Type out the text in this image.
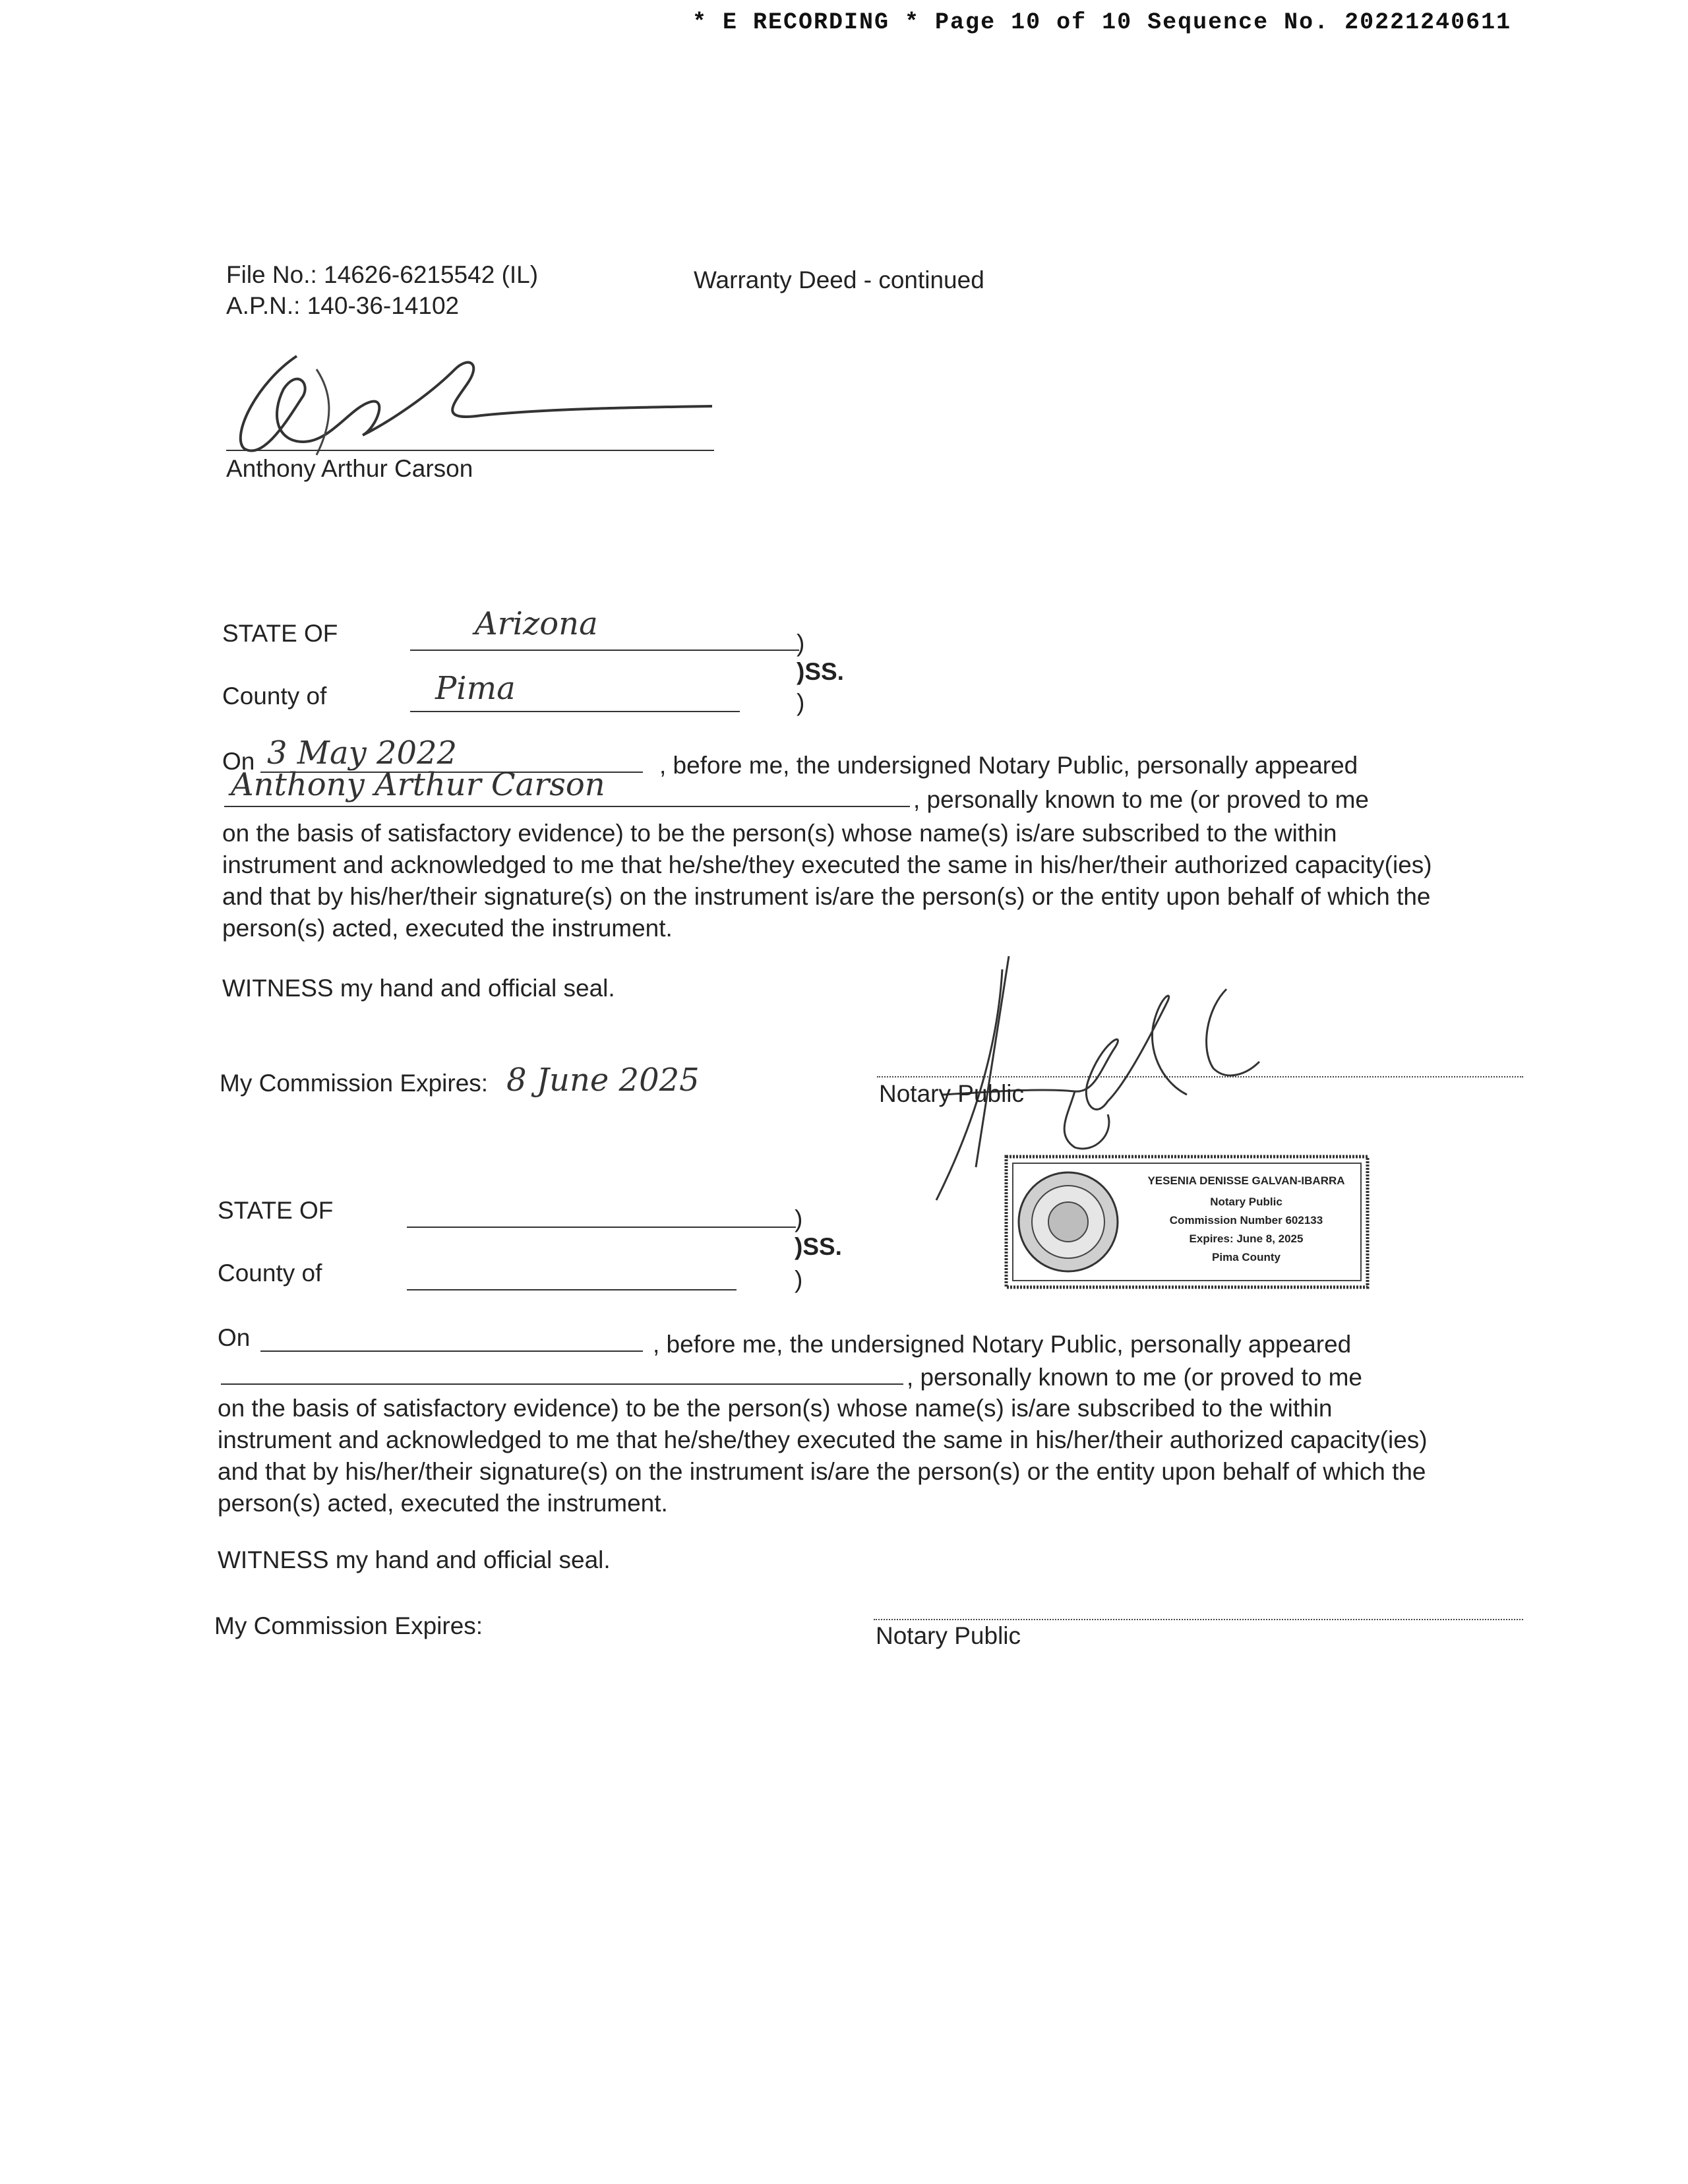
* E RECORDING * Page 10 of 10 Sequence No. 20221240611
File No.: 14626-6215542 (IL)
A.P.N.: 140-36-14102
Warranty Deed - continued
Anthony Arthur Carson
STATE OF	Arizona
)
)SS.
County of	Pima	)
On 3 May 2022	, before me, the undersigned Notary Public, personally appeared
Anthony Arthur Carson	, personally known to me (or proved to me
on the basis of satisfactory evidence) to be the person(s) whose name(s) is/are subscribed to the within instrument and acknowledged to me that he/she/they executed the same in his/her/their authorized capacity(ies) and that by his/her/their signature(s) on the instrument is/are the person(s) or the entity upon behalf of which the person(s) acted, executed the instrument.
WITNESS my hand and official seal.
My Commission Expires: 8 June 2025	Notary Public
YESENIA DENISSE GALVAN-IBARRA
Notary Public
Commission Number 602133
Expires: June 8, 2025
Pima County
STATE OF	)
)SS.
County of	)
On	, before me, the undersigned Notary Public, personally appeared
, personally known to me (or proved to me
on the basis of satisfactory evidence) to be the person(s) whose name(s) is/are subscribed to the within instrument and acknowledged to me that he/she/they executed the same in his/her/their authorized capacity(ies) and that by his/her/their signature(s) on the instrument is/are the person(s) or the entity upon behalf of which the person(s) acted, executed the instrument.
WITNESS my hand and official seal.
My Commission Expires:	Notary Public
